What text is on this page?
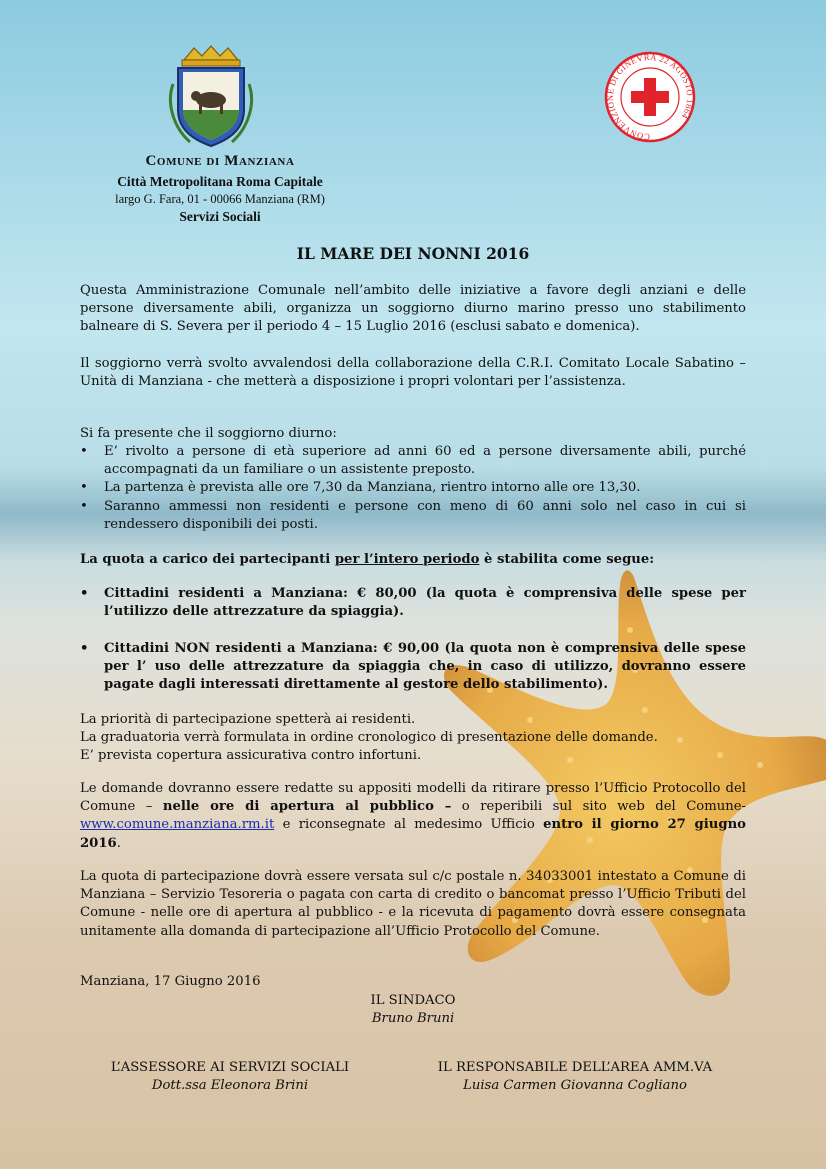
CONVENZIONE DI GINEVRA 22 AGOSTO 1864
Comune di Manziana
Città Metropolitana Roma Capitale
largo G. Fara, 01 - 00066 Manziana (RM)
Servizi Sociali
IL MARE DEI NONNI 2016
Questa Amministrazione Comunale nell’ambito delle iniziative a favore degli anziani e delle persone diversamente abili, organizza un soggiorno diurno marino presso uno stabilimento balneare di S. Severa per il periodo 4 – 15 Luglio 2016 (esclusi sabato e domenica).
Il soggiorno verrà svolto avvalendosi della collaborazione della C.R.I. Comitato Locale Sabatino – Unità di Manziana - che metterà a disposizione i propri volontari per l’assistenza.
Si fa presente che il soggiorno diurno:
• E’ rivolto a persone di età superiore ad anni 60 ed a persone diversamente abili, purché accompagnati da un familiare o un assistente preposto.
• La partenza è prevista alle ore 7,30 da Manziana, rientro intorno alle ore 13,30.
• Saranno ammessi non residenti e persone con meno di 60 anni solo nel caso in cui si rendessero disponibili dei posti.
La quota a carico dei partecipanti per l’intero periodo è stabilita come segue:
• Cittadini residenti a Manziana: € 80,00 (la quota è comprensiva delle spese per l’utilizzo delle attrezzature da spiaggia).
• Cittadini NON residenti a Manziana: € 90,00 (la quota non è comprensiva delle spese per l’ uso delle attrezzature da spiaggia che, in caso di utilizzo, dovranno essere pagate dagli interessati direttamente al gestore dello stabilimento).
La priorità di partecipazione spetterà ai residenti.
La graduatoria verrà formulata in ordine cronologico di presentazione delle domande.
E’ prevista copertura assicurativa contro infortuni.
Le domande dovranno essere redatte su appositi modelli da ritirare presso l’Ufficio Protocollo del Comune – nelle ore di apertura al pubblico – o reperibili sul sito web del Comune- www.comune.manziana.rm.it e riconsegnate al medesimo Ufficio entro il giorno 27 giugno 2016.
La quota di partecipazione dovrà essere versata sul c/c postale n. 34033001 intestato a Comune di Manziana – Servizio Tesoreria o pagata con carta di credito o bancomat presso l’Ufficio Tributi del Comune - nelle ore di apertura al pubblico - e la ricevuta di pagamento dovrà essere consegnata unitamente alla domanda di partecipazione all’Ufficio Protocollo del Comune.
Manziana, 17 Giugno 2016
IL SINDACO
Bruno Bruni
L’ASSESSORE AI SERVIZI SOCIALI
Dott.ssa Eleonora Brini
IL RESPONSABILE DELL’AREA AMM.VA
Luisa Carmen Giovanna Cogliano
